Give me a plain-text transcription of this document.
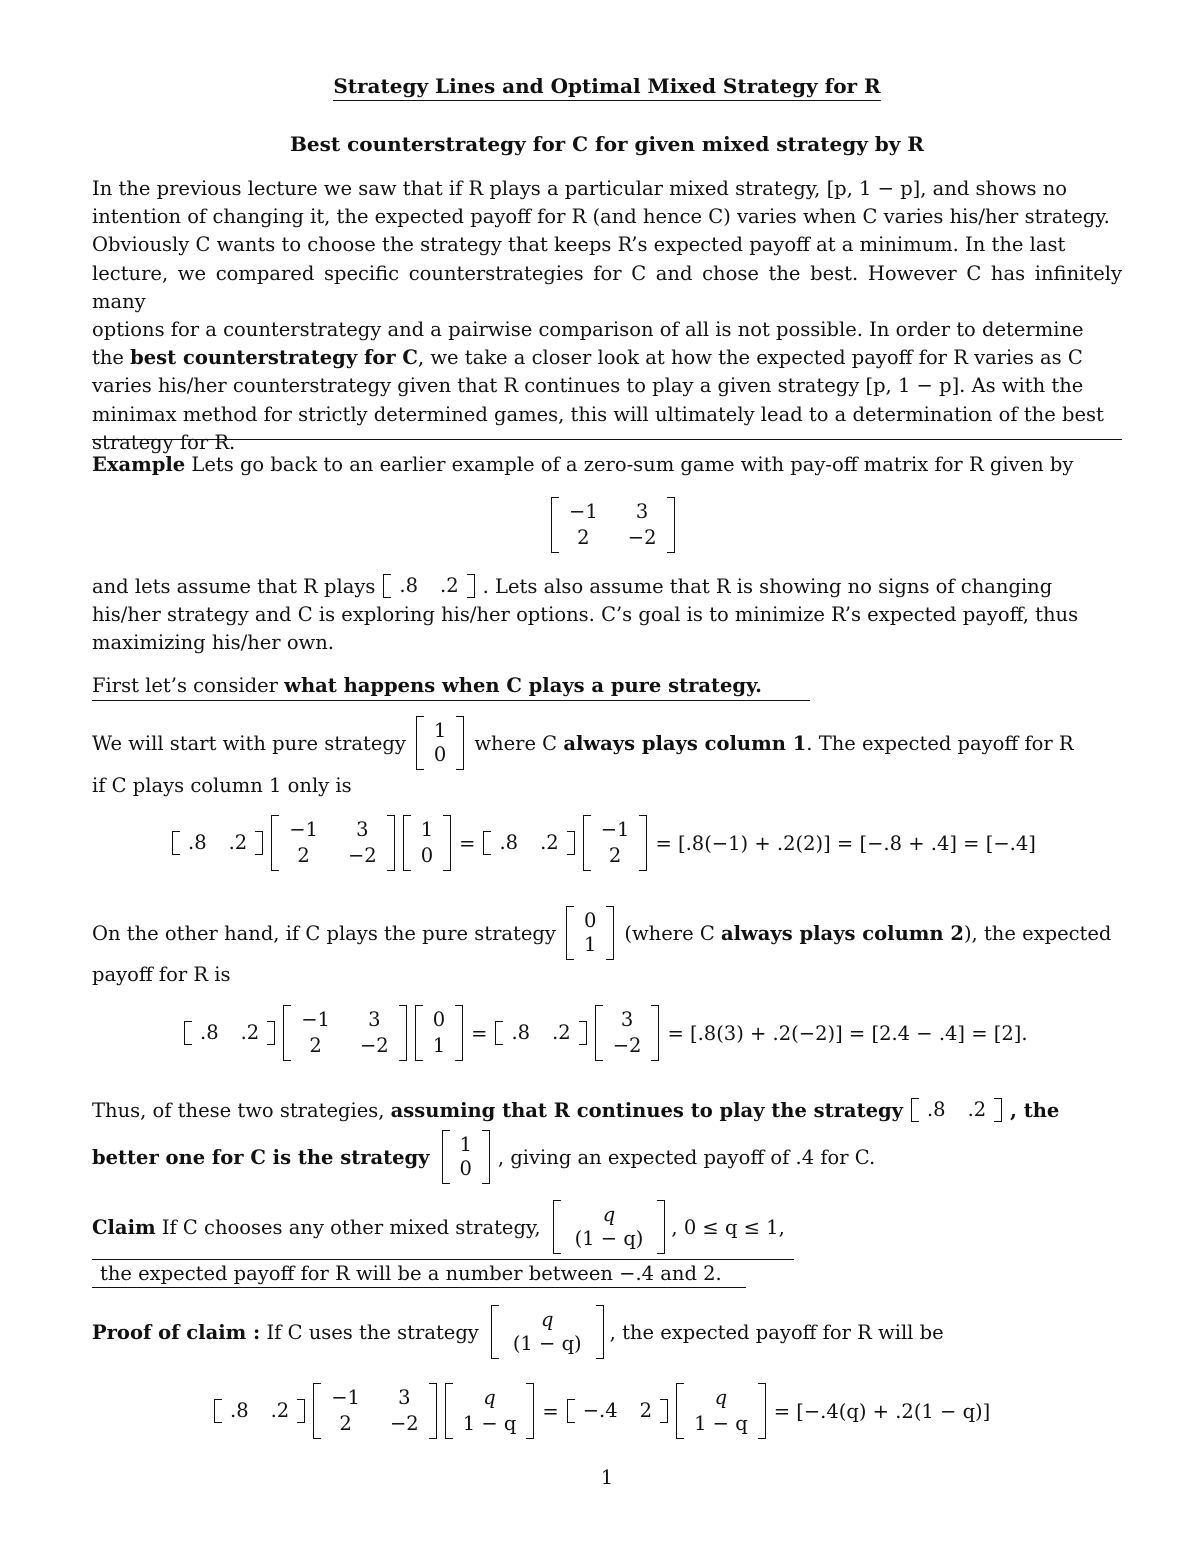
Strategy Lines and Optimal Mixed Strategy for R
Best counterstrategy for C for given mixed strategy by R
In the previous lecture we saw that if R plays a particular mixed strategy, [p, 1 − p], and shows no
intention of changing it, the expected payoff for R (and hence C) varies when C varies his/her strategy.
Obviously C wants to choose the strategy that keeps R’s expected payoff at a minimum. In the last
lecture, we compared specific counterstrategies for C and chose the best. However C has infinitely many
options for a counterstrategy and a pairwise comparison of all is not possible. In order to determine
the best counterstrategy for C, we take a closer look at how the expected payoff for R varies as C
varies his/her counterstrategy given that R continues to play a given strategy [p, 1 − p]. As with the
minimax method for strictly determined games, this will ultimately lead to a determination of the best
strategy for R.
Example Lets go back to an earlier example of a zero-sum game with pay-off matrix for R given by
−1	3
2	−2
and lets assume that R plays .8 .2 . Lets also assume that R is showing no signs of changing
his/her strategy and C is exploring his/her options. C’s goal is to minimize R’s expected payoff, thus
maximizing his/her own.
First let’s consider what happens when C plays a pure strategy.
We will start with pure strategy
1
0 where C
always plays column 1 . The expected payoff for R
if C plays column 1 only is
.8 .2
−1	3
2	−2
1
0
= .8 .2
−1
2
= [.8(−1) + .2(2)] = [−.8 + .4] = [−.4]
On the other hand, if C plays the pure strategy
0
1 (where C
always plays column 2 ), the expected
payoff for R is
.8 .2
−1	3
2	−2
0
1
= .8 .2
3
−2
= [.8(3) + .2(−2)] = [2.4 − .4] = [2].
Thus, of these two strategies,
assuming that R continues to play the strategy .8 .2 , the
better one for C is the strategy
1
0 , giving an expected payoff of .4 for C.
Claim
If C chooses any other mixed strategy,
q
(1 − q) , 0 ≤ q ≤ 1,
the expected payoff for R will be a number between −.4 and 2.
Proof of claim :
If C uses the strategy
q
(1 − q) , the expected payoff for R will be
.8 .2
−1	3
2	−2
q
1 − q
= −.4 2
q
1 − q
= [−.4(q) + .2(1 − q)]
1
